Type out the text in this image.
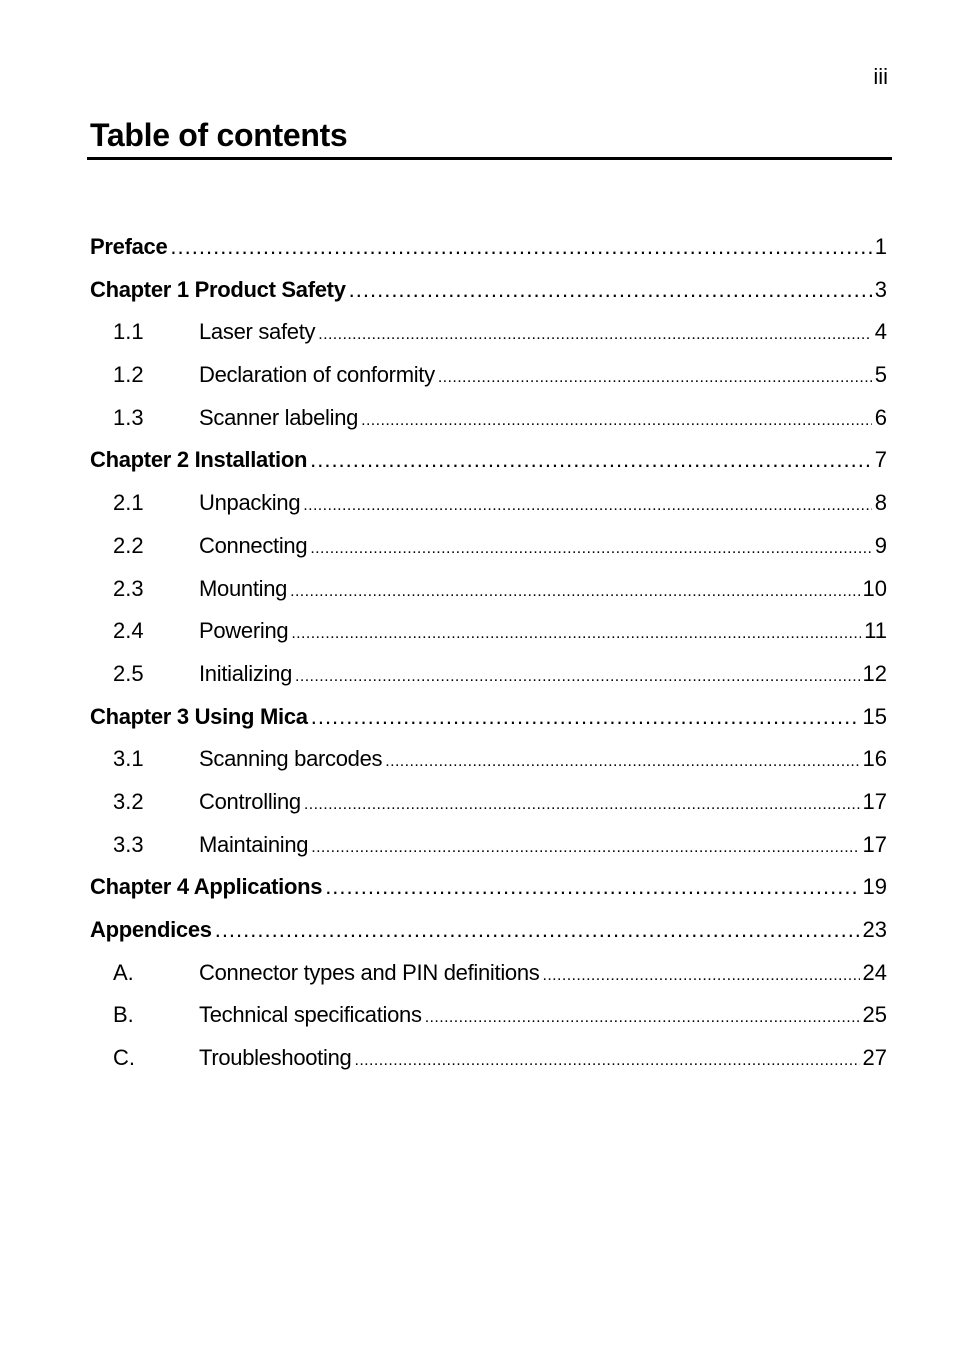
iii
Table of contents
Preface .....	1
Chapter 1 Product Safety .....	3
1.1	Laser safety .....	4
1.2	Declaration of conformity .....	5
1.3	Scanner labeling .....	6
Chapter 2 Installation .....	7
2.1	Unpacking .....	8
2.2	Connecting .....	9
2.3	Mounting .....	10
2.4	Powering .....	11
2.5	Initializing .....	12
Chapter 3 Using Mica .....	15
3.1	Scanning barcodes .....	16
3.2	Controlling .....	17
3.3	Maintaining .....	17
Chapter 4 Applications .....	19
Appendices .....	23
A.	Connector types and PIN definitions .....	24
B.	Technical specifications .....	25
C.	Troubleshooting .....	27
